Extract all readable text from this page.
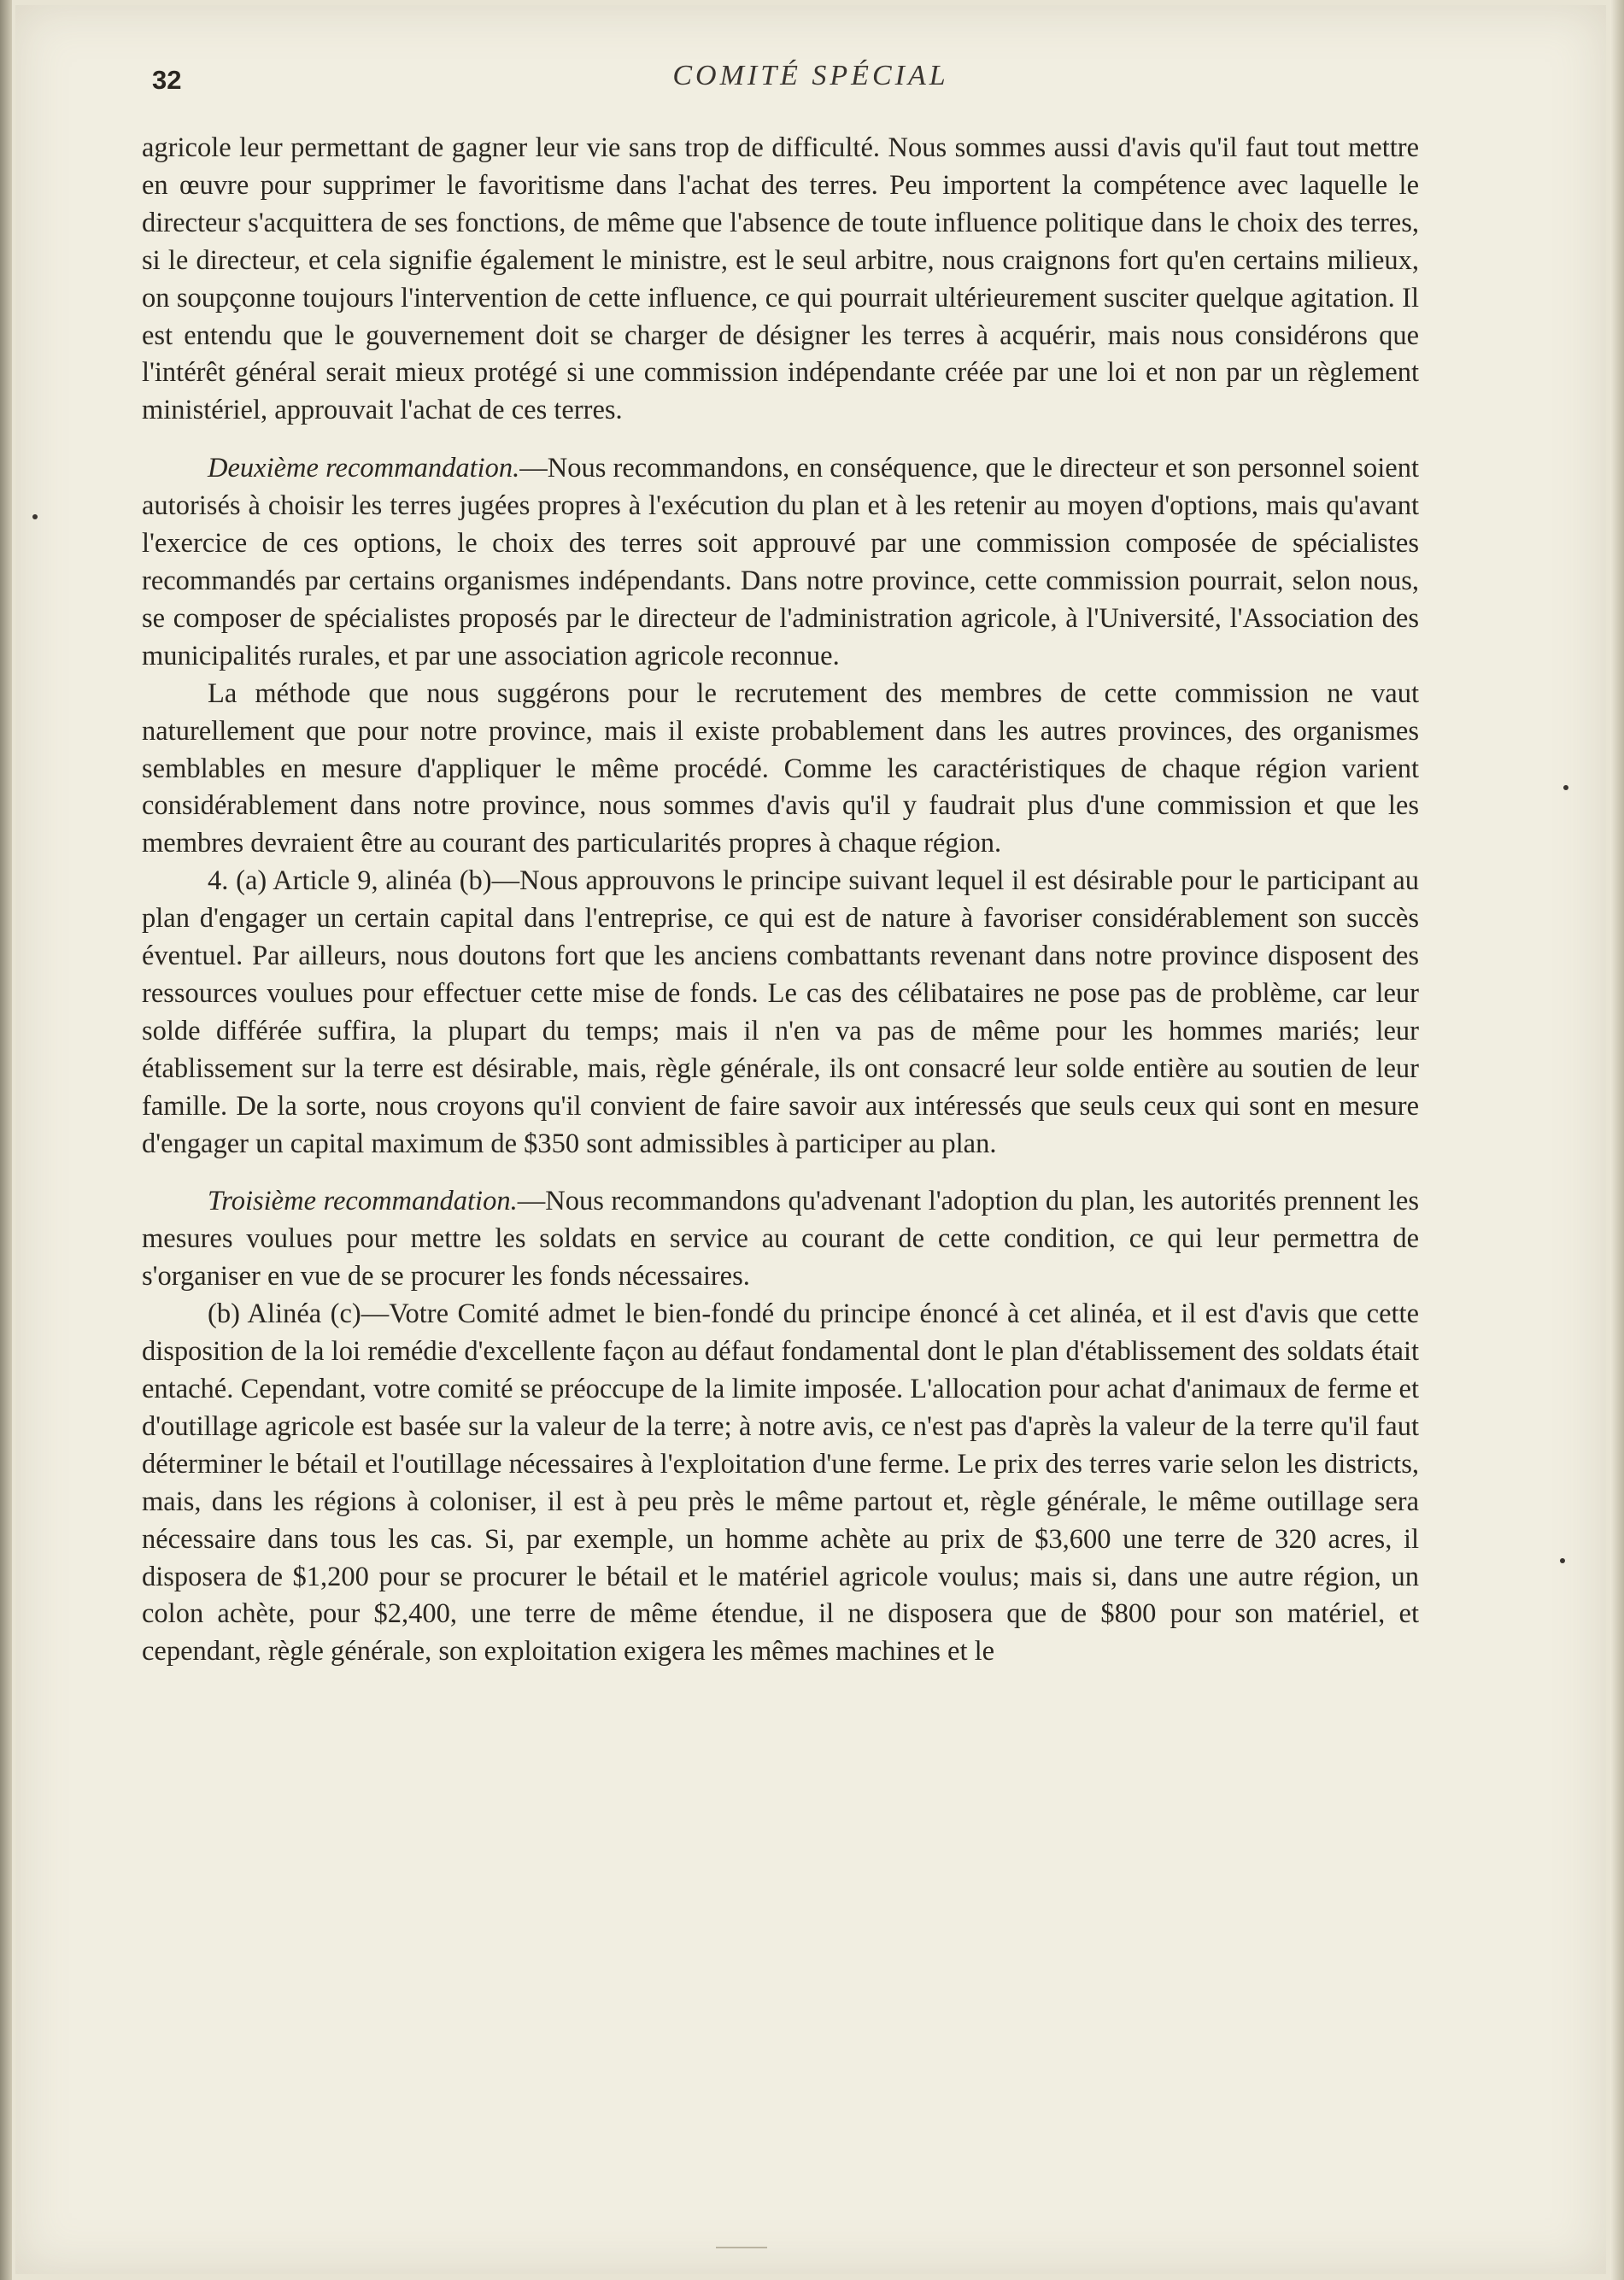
32	COMITÉ SPÉCIAL

agricole leur permettant de gagner leur vie sans trop de difficulté. Nous sommes aussi d'avis qu'il faut tout mettre en œuvre pour supprimer le favoritisme dans l'achat des terres. Peu importent la compétence avec laquelle le directeur s'acquittera de ses fonctions, de même que l'absence de toute influence politique dans le choix des terres, si le directeur, et cela signifie également le ministre, est le seul arbitre, nous craignons fort qu'en certains milieux, on soupçonne toujours l'intervention de cette influence, ce qui pourrait ultérieurement susciter quelque agitation. Il est entendu que le gouvernement doit se charger de désigner les terres à acquérir, mais nous considérons que l'intérêt général serait mieux protégé si une commission indépendante créée par une loi et non par un règlement ministériel, approuvait l'achat de ces terres.

Deuxième recommandation.—Nous recommandons, en conséquence, que le directeur et son personnel soient autorisés à choisir les terres jugées propres à l'exécution du plan et à les retenir au moyen d'options, mais qu'avant l'exercice de ces options, le choix des terres soit approuvé par une commission composée de spécialistes recommandés par certains organismes indépendants. Dans notre province, cette commission pourrait, selon nous, se composer de spécialistes proposés par le directeur de l'administration agricole, à l'Université, l'Association des municipalités rurales, et par une association agricole reconnue.

La méthode que nous suggérons pour le recrutement des membres de cette commission ne vaut naturellement que pour notre province, mais il existe probablement dans les autres provinces, des organismes semblables en mesure d'appliquer le même procédé. Comme les caractéristiques de chaque région varient considérablement dans notre province, nous sommes d'avis qu'il y faudrait plus d'une commission et que les membres devraient être au courant des particularités propres à chaque région.

4. (a) Article 9, alinéa (b)—Nous approuvons le principe suivant lequel il est désirable pour le participant au plan d'engager un certain capital dans l'entreprise, ce qui est de nature à favoriser considérablement son succès éventuel. Par ailleurs, nous doutons fort que les anciens combattants revenant dans notre province disposent des ressources voulues pour effectuer cette mise de fonds. Le cas des célibataires ne pose pas de problème, car leur solde différée suffira, la plupart du temps; mais il n'en va pas de même pour les hommes mariés; leur établissement sur la terre est désirable, mais, règle générale, ils ont consacré leur solde entière au soutien de leur famille. De la sorte, nous croyons qu'il convient de faire savoir aux intéressés que seuls ceux qui sont en mesure d'engager un capital maximum de $350 sont admissibles à participer au plan.

Troisième recommandation.—Nous recommandons qu'advenant l'adoption du plan, les autorités prennent les mesures voulues pour mettre les soldats en service au courant de cette condition, ce qui leur permettra de s'organiser en vue de se procurer les fonds nécessaires.

(b) Alinéa (c)—Votre Comité admet le bien-fondé du principe énoncé à cet alinéa, et il est d'avis que cette disposition de la loi remédie d'excellente façon au défaut fondamental dont le plan d'établissement des soldats était entaché. Cependant, votre comité se préoccupe de la limite imposée. L'allocation pour achat d'animaux de ferme et d'outillage agricole est basée sur la valeur de la terre; à notre avis, ce n'est pas d'après la valeur de la terre qu'il faut déterminer le bétail et l'outillage nécessaires à l'exploitation d'une ferme. Le prix des terres varie selon les districts, mais, dans les régions à coloniser, il est à peu près le même partout et, règle générale, le même outillage sera nécessaire dans tous les cas. Si, par exemple, un homme achète au prix de $3,600 une terre de 320 acres, il disposera de $1,200 pour se procurer le bétail et le matériel agricole voulus; mais si, dans une autre région, un colon achète, pour $2,400, une terre de même étendue, il ne disposera que de $800 pour son matériel, et cependant, règle générale, son exploitation exigera les mêmes machines et le
